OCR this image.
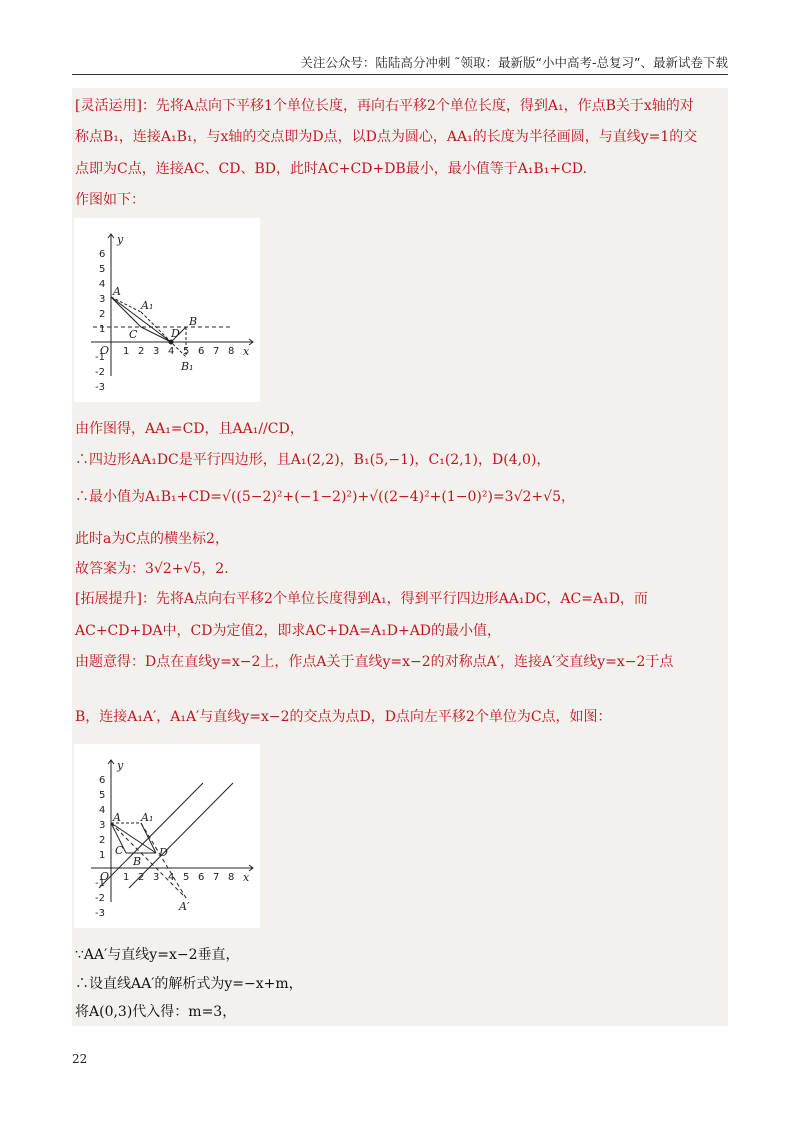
关注公众号：陆陆高分冲刺 ˜领取：最新版“小中高考-总复习”、最新试卷下载
[灵活运用]：先将A点向下平移1个单位长度，再向右平移2个单位长度，得到A₁，作点B关于x轴的对
称点B₁，连接A₁B₁，与x轴的交点即为D点，以D点为圆心，AA₁的长度为半径画圆，与直线y=1的交
点即为C点，连接AC、CD、BD，此时AC+CD+DB最小，最小值等于A₁B₁+CD.
作图如下：
6
5
4
3
2
1
-1
-2
-3
1 2 3 4 5 6 7 8
y
x
O
A
A₁
B
B₁
C	D
由作图得，AA₁=CD，且AA₁//CD，
∴四边形AA₁DC是平行四边形，且A₁(2,2)，B₁(5,−1)，C₁(2,1)，D(4,0)，
∴最小值为A₁B₁+CD=√((5−2)²+(−1−2)²)+√((2−4)²+(1−0)²)=3√2+√5，
此时a为C点的横坐标2，
故答案为：3√2+√5，2.
[拓展提升]：先将A点向右平移2个单位长度得到A₁，得到平行四边形AA₁DC，AC=A₁D，而
AC+CD+DA中，CD为定值2，即求AC+DA=A₁D+AD的最小值，
由题意得：D点在直线y=x−2上，作点A关于直线y=x−2的对称点A′，连接A′交直线y=x−2于点
B，连接A₁A′，A₁A′与直线y=x−2的交点为点D，D点向左平移2个单位为C点，如图：
6
5
4
3
2
1
-1
-2
-3
1 2 3 4 5 6 7 8
y
x
O
A A₁
B
C	D
A′
∵AA′与直线y=x−2垂直，
∴设直线AA′的解析式为y=−x+m，
将A(0,3)代入得：m=3，
22
